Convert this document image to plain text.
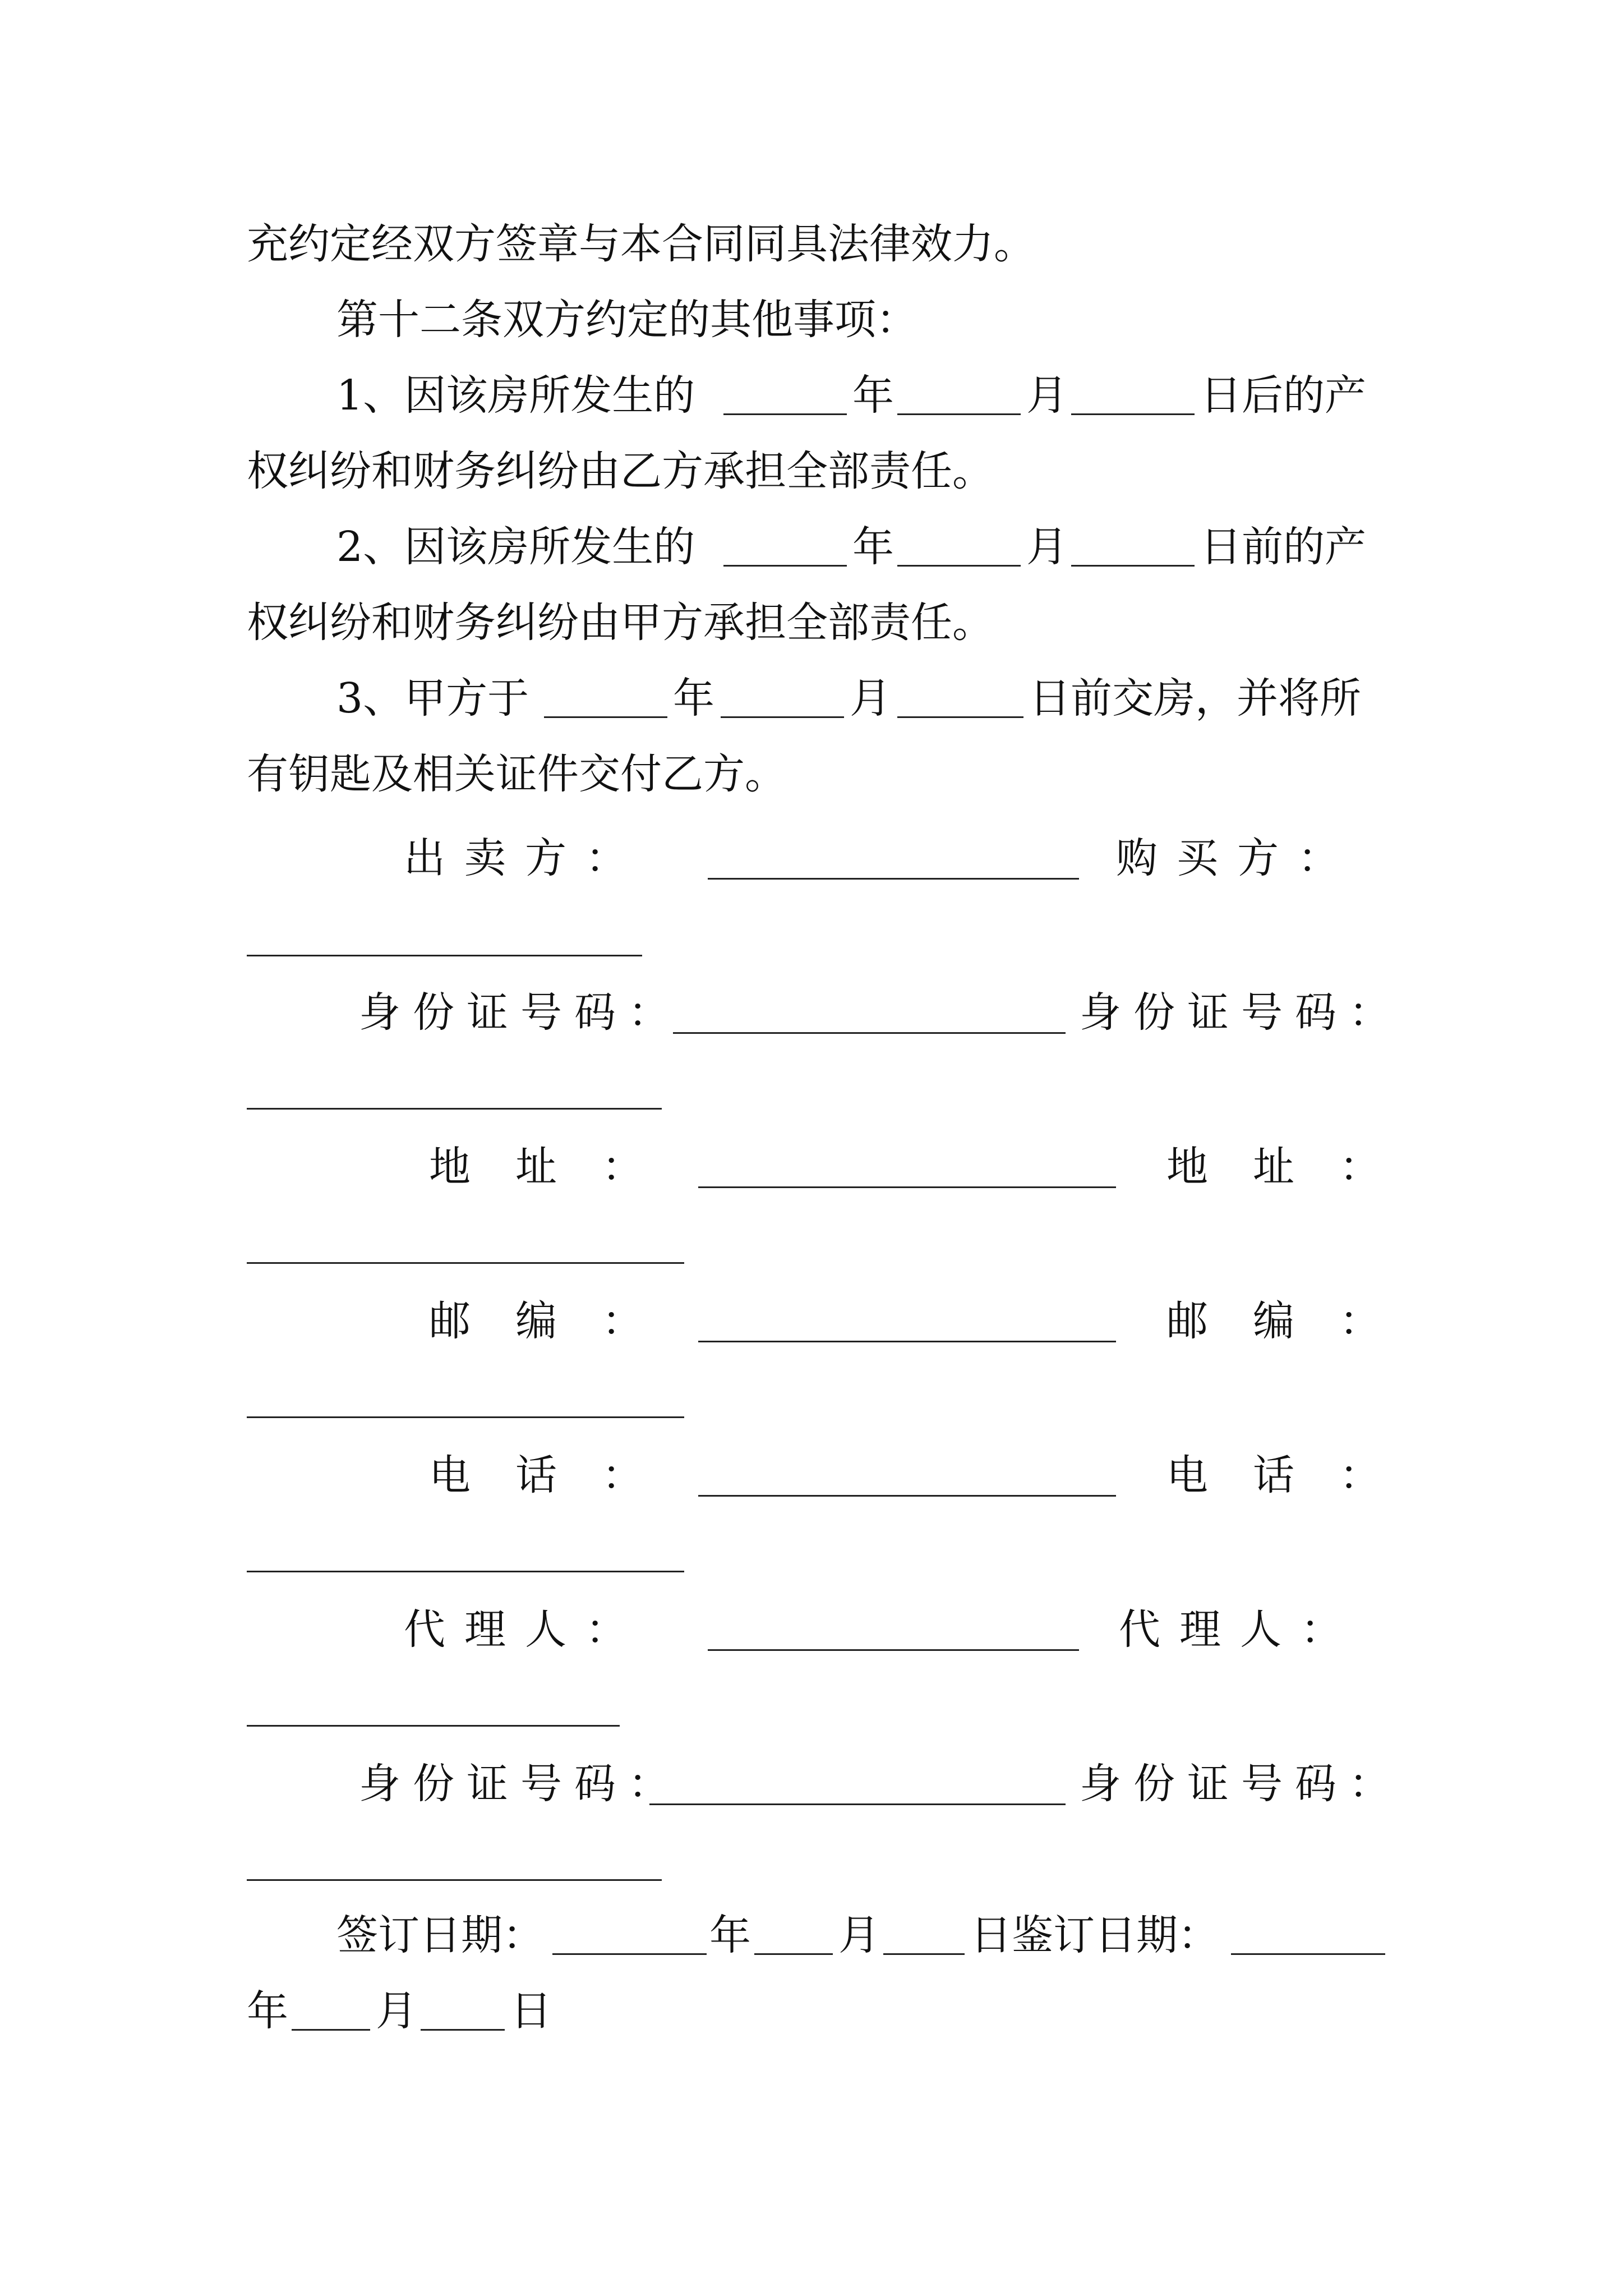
充约定经双方签章与本合同同具法律效力。
第十二条双方约定的其他事项：
1、因该房所发生的	年	月	日后的产
权纠纷和财务纠纷由乙方承担全部责任。
2、因该房所发生的	年	月	日前的产
权纠纷和财务纠纷由甲方承担全部责任。
3、甲方于	年	月	日前交房，并将所
有钥匙及相关证件交付乙方。
出卖方：	购买方：
身份证号码：	身份证号码：
地址：	地址：
邮编：	邮编：
电话：	电话：
代理人：	代理人：
身份证号码：	身份证号码：
签订日期：	年 月 日鉴订日期：
年 月 日
